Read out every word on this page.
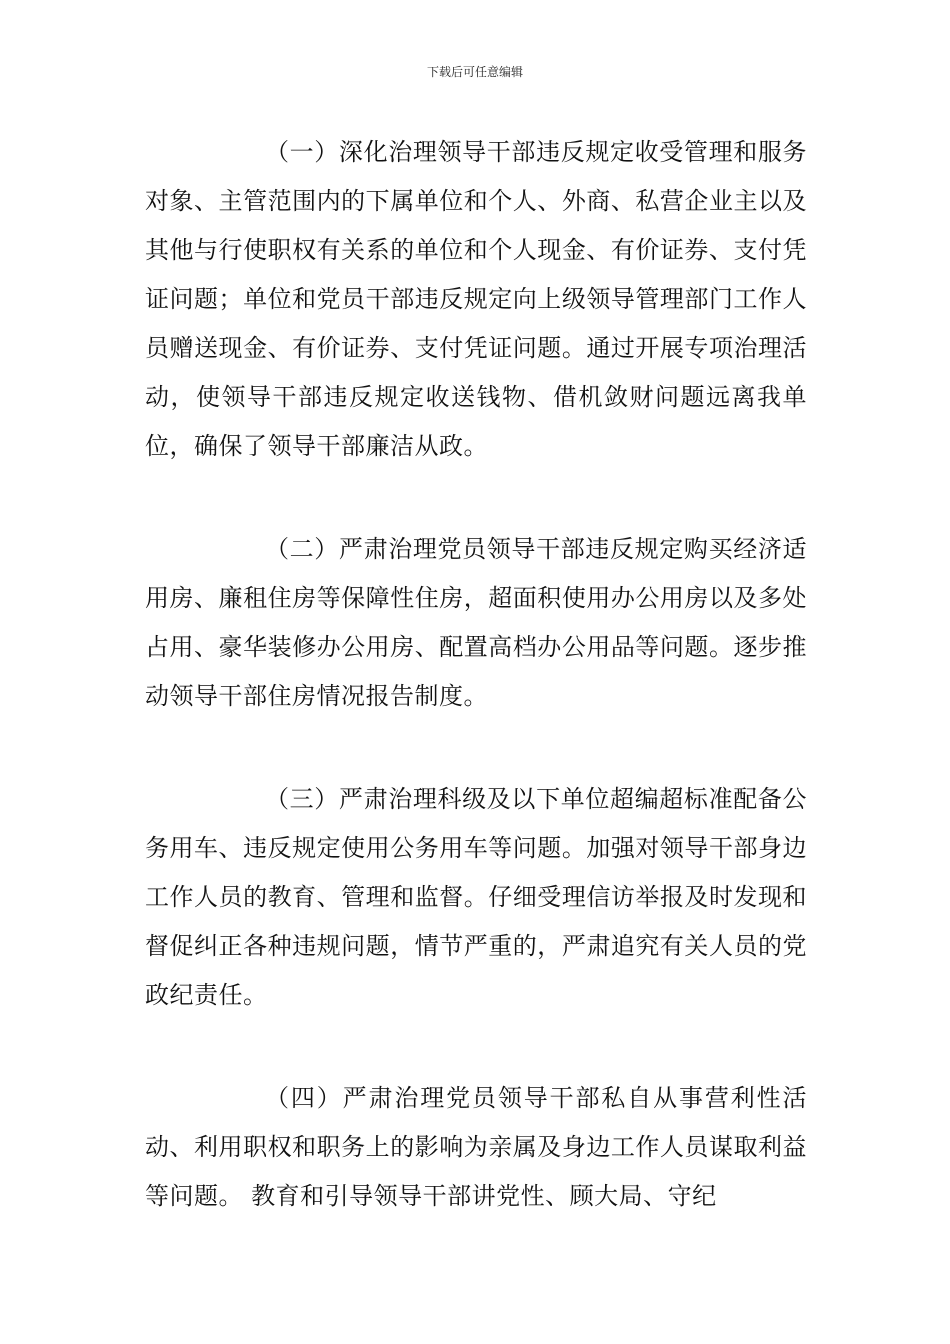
下载后可任意编辑

（一）深化治理领导干部违反规定收受管理和服务对象、主管范围内的下属单位和个人、外商、私营企业主以及其他与行使职权有关系的单位和个人现金、有价证券、支付凭证问题；单位和党员干部违反规定向上级领导管理部门工作人员赠送现金、有价证券、支付凭证问题。通过开展专项治理活动，使领导干部违反规定收送钱物、借机敛财问题远离我单位，确保了领导干部廉洁从政。

（二）严肃治理党员领导干部违反规定购买经济适用房、廉租住房等保障性住房，超面积使用办公用房以及多处占用、豪华装修办公用房、配置高档办公用品等问题。逐步推动领导干部住房情况报告制度。

（三）严肃治理科级及以下单位超编超标准配备公务用车、违反规定使用公务用车等问题。加强对领导干部身边工作人员的教育、管理和监督。仔细受理信访举报及时发现和督促纠正各种违规问题，情节严重的，严肃追究有关人员的党政纪责任。

（四）严肃治理党员领导干部私自从事营利性活动、利用职权和职务上的影响为亲属及身边工作人员谋取利益等问题。 教育和引导领导干部讲党性、顾大局、守纪
